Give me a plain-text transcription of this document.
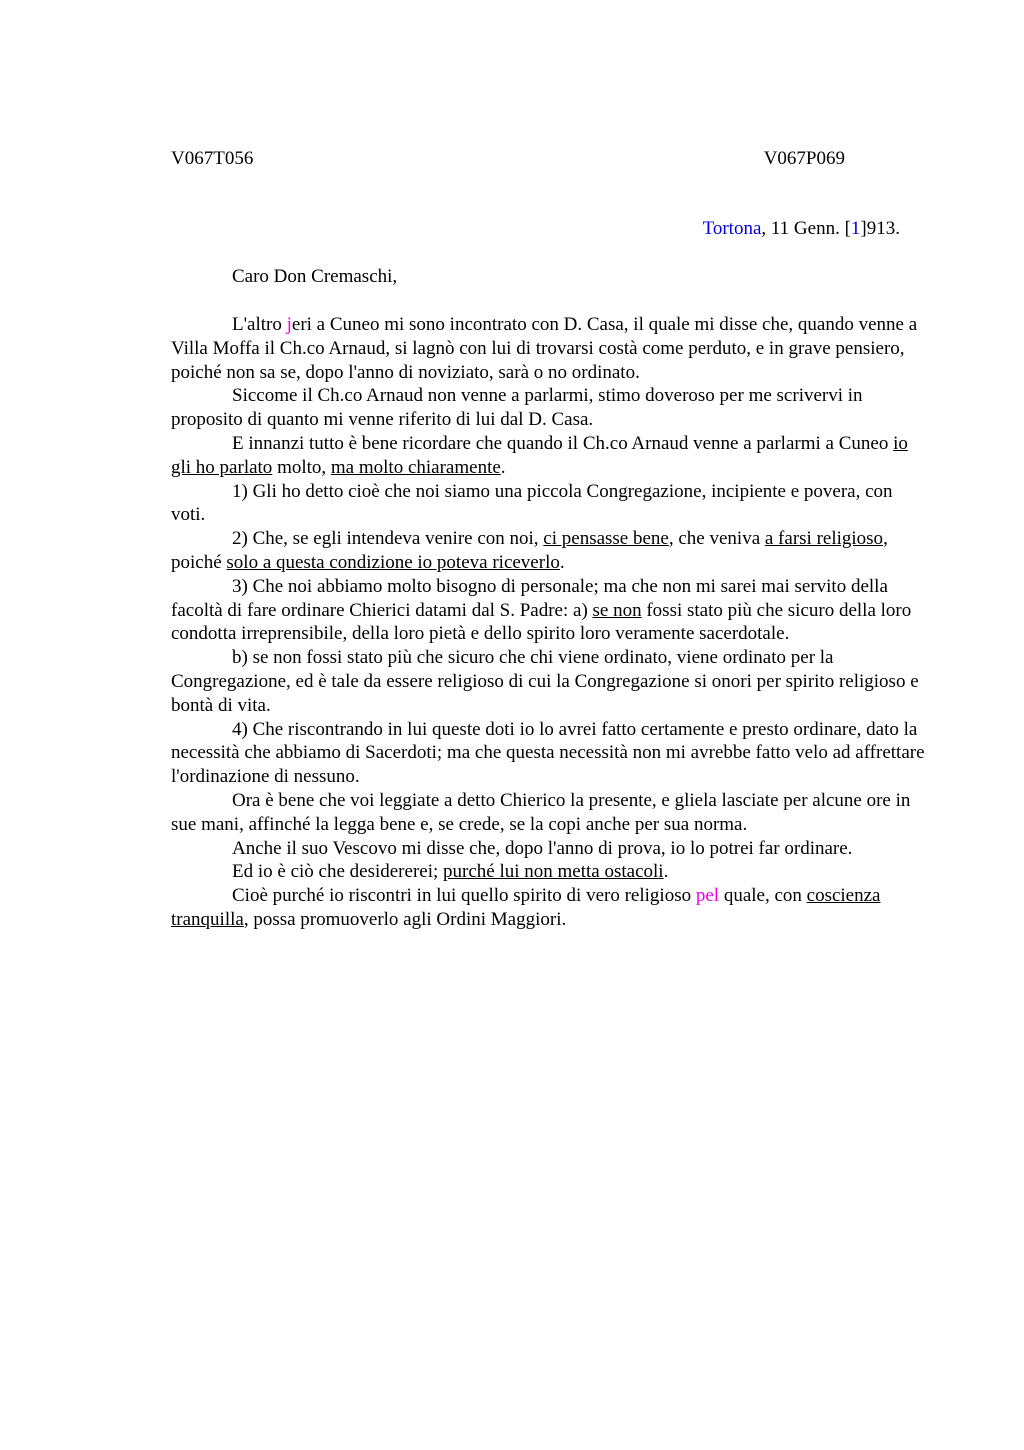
V067T056	V067P069
Tortona, 11 Genn. [1]913.
Caro Don Cremaschi,

L'altro jeri a Cuneo mi sono incontrato con D. Casa, il quale mi disse che, quando venne a Villa Moffa il Ch.co Arnaud, si lagnò con lui di trovarsi costà come perduto, e in grave pensiero, poiché non sa se, dopo l'anno di noviziato, sarà o no ordinato.

Siccome il Ch.co Arnaud non venne a parlarmi, stimo doveroso per me scrivervi in proposito di quanto mi venne riferito di lui dal D. Casa.

E innanzi tutto è bene ricordare che quando il Ch.co Arnaud venne a parlarmi a Cuneo io gli ho parlato molto, ma molto chiaramente.

1) Gli ho detto cioè che noi siamo una piccola Congregazione, incipiente e povera, con voti.

2) Che, se egli intendeva venire con noi, ci pensasse bene, che veniva a farsi religioso, poiché solo a questa condizione io poteva riceverlo.

3) Che noi abbiamo molto bisogno di personale; ma che non mi sarei mai servito della facoltà di fare ordinare Chierici datami dal S. Padre: a) se non fossi stato più che sicuro della loro condotta irreprensibile, della loro pietà e dello spirito loro veramente sacerdotale.

b) se non fossi stato più che sicuro che chi viene ordinato, viene ordinato per la Congregazione, ed è tale da essere religioso di cui la Congregazione si onori per spirito religioso e bontà di vita.

4) Che riscontrando in lui queste doti io lo avrei fatto certamente e presto ordinare, dato la necessità che abbiamo di Sacerdoti; ma che questa necessità non mi avrebbe fatto velo ad affrettare l'ordinazione di nessuno.

Ora è bene che voi leggiate a detto Chierico la presente, e gliela lasciate per alcune ore in sue mani, affinché la legga bene e, se crede, se la copi anche per sua norma.

Anche il suo Vescovo mi disse che, dopo l'anno di prova, io lo potrei far ordinare.

Ed io è ciò che desidererei; purché lui non metta ostacoli.

Cioè purché io riscontri in lui quello spirito di vero religioso pel quale, con coscienza tranquilla, possa promuoverlo agli Ordini Maggiori.
